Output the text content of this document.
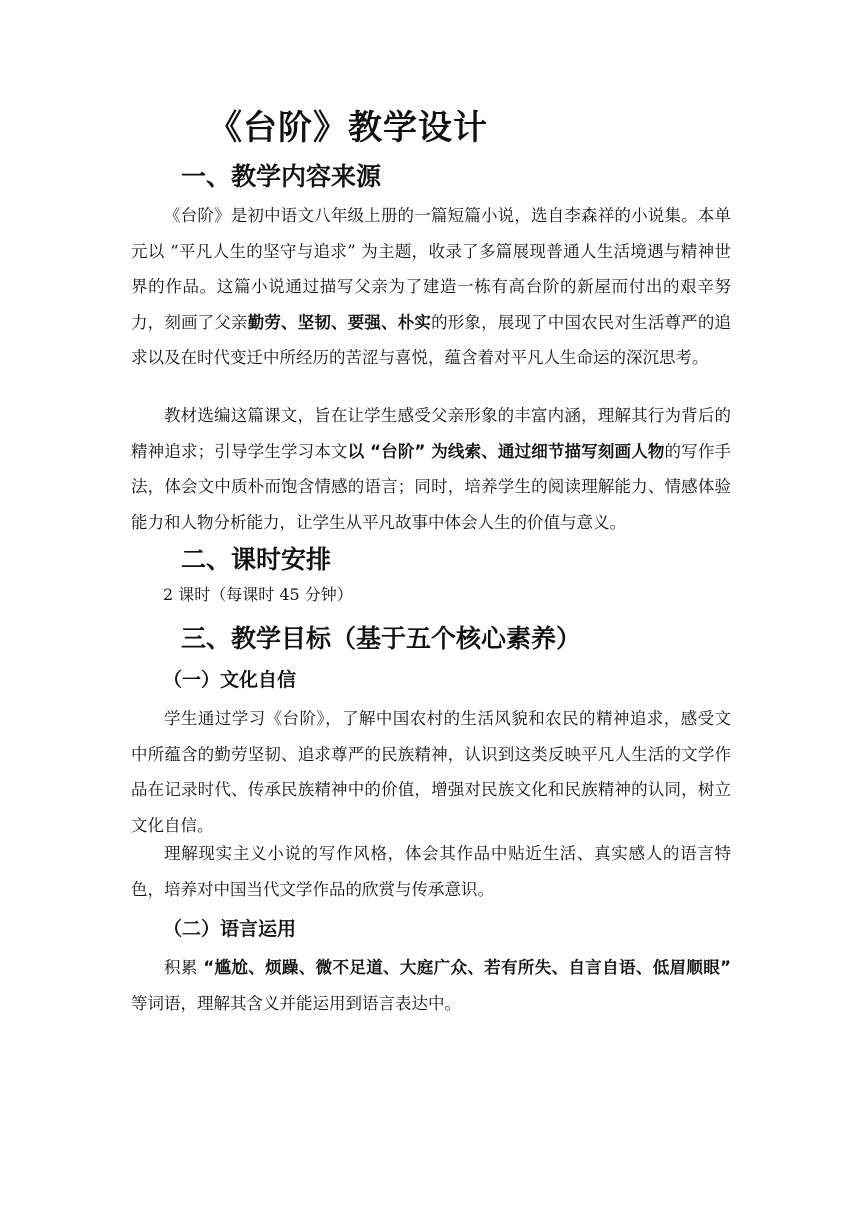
《台阶》教学设计
一、教学内容来源

《台阶》是初中语文八年级上册的一篇短篇小说，选自李森祥的小说集。本单元以 “平凡人生的坚守与追求” 为主题，收录了多篇展现普通人生活境遇与精神世界的作品。这篇小说通过描写父亲为了建造一栋有高台阶的新屋而付出的艰辛努力，刻画了父亲勤劳、坚韧、要强、朴实的形象，展现了中国农民对生活尊严的追求以及在时代变迁中所经历的苦涩与喜悦，蕴含着对平凡人生命运的深沉思考。

教材选编这篇课文，旨在让学生感受父亲形象的丰富内涵，理解其行为背后的精神追求；引导学生学习本文以 “台阶” 为线索、通过细节描写刻画人物的写作手法，体会文中质朴而饱含情感的语言；同时，培养学生的阅读理解能力、情感体验能力和人物分析能力，让学生从平凡故事中体会人生的价值与意义。

二、课时安排

2 课时（每课时 45 分钟）

三、教学目标（基于五个核心素养）
（一）文化自信

学生通过学习《台阶》，了解中国农村的生活风貌和农民的精神追求，感受文中所蕴含的勤劳坚韧、追求尊严的民族精神，认识到这类反映平凡人生活的文学作品在记录时代、传承民族精神中的价值，增强对民族文化和民族精神的认同，树立文化自信。

理解现实主义小说的写作风格，体会其作品中贴近生活、真实感人的语言特色，培养对中国当代文学作品的欣赏与传承意识。

（二）语言运用

积累 “尴尬、烦躁、微不足道、大庭广众、若有所失、自言自语、低眉顺眼” 等词语，理解其含义并能运用到语言表达中。
